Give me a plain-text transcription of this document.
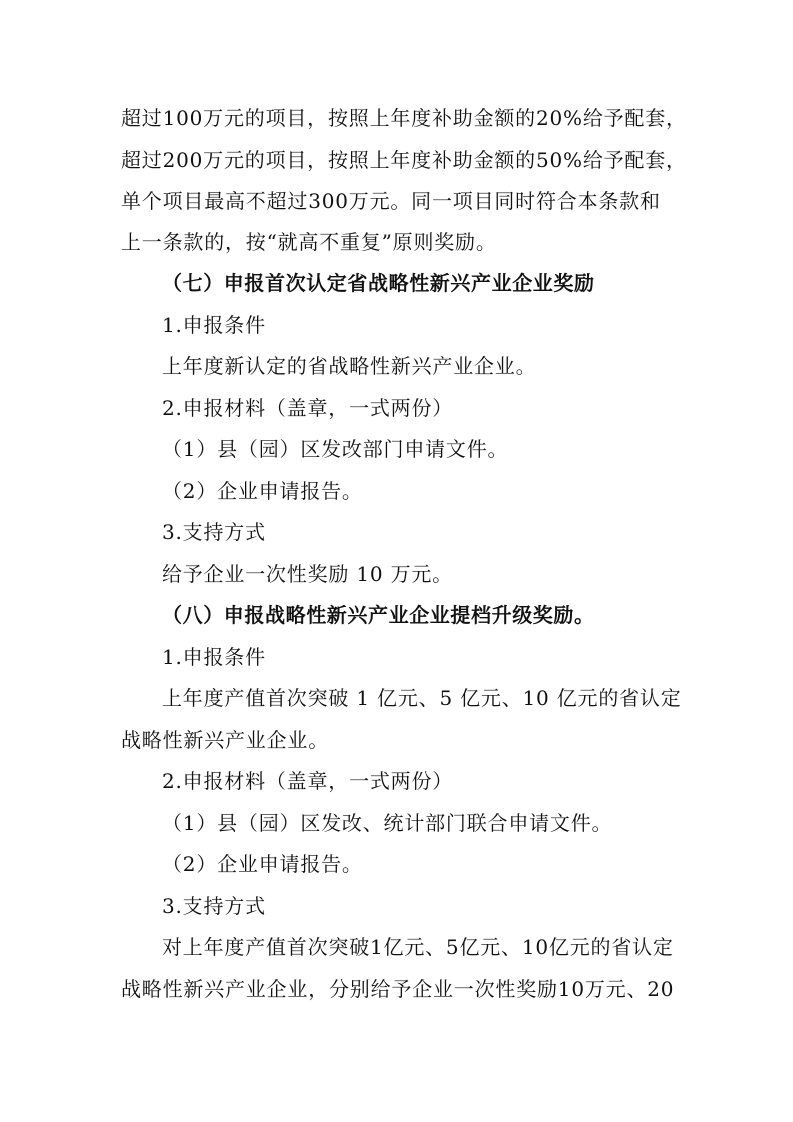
超过100万元的项目，按照上年度补助金额的20%给予配套，
超过200万元的项目，按照上年度补助金额的50%给予配套，
单个项目最高不超过300万元。同一项目同时符合本条款和
上一条款的，按“就高不重复”原则奖励。
（七）申报首次认定省战略性新兴产业企业奖励
1.申报条件
上年度新认定的省战略性新兴产业企业。
2.申报材料（盖章，一式两份）
（1）县（园）区发改部门申请文件。
（2）企业申请报告。
3.支持方式
给予企业一次性奖励 10 万元。
（八）申报战略性新兴产业企业提档升级奖励。
1.申报条件
上年度产值首次突破 1 亿元、5 亿元、10 亿元的省认定
战略性新兴产业企业。
2.申报材料（盖章，一式两份）
（1）县（园）区发改、统计部门联合申请文件。
（2）企业申请报告。
3.支持方式
对上年度产值首次突破1亿元、5亿元、10亿元的省认定
战略性新兴产业企业，分别给予企业一次性奖励10万元、20
